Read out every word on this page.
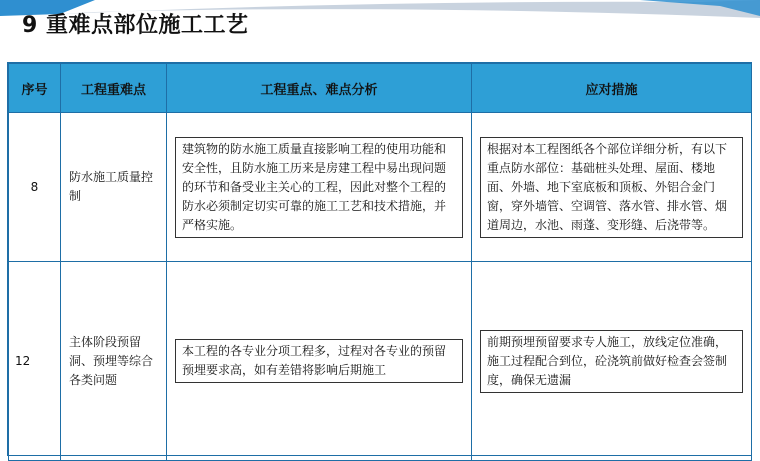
9 重难点部位施工工艺
序号	工程重难点	工程重点、难点分析	应对措施
8	防水施工质量控制	建筑物的防水施工质量直接影响工程的使用功能和安全性，且防水施工历来是房建工程中易出现问题的环节和备受业主关心的工程，因此对整个工程的防水必须制定切实可靠的施工工艺和技术措施，并严格实施。	根据对本工程图纸各个部位详细分析，有以下重点防水部位：基础桩头处理、屋面、楼地面、外墙、地下室底板和顶板、外铝合金门窗，穿外墙管、空调管、落水管、排水管、烟道周边，水池、雨蓬、变形缝、后浇带等。

12	主体阶段预留洞、预埋等综合各类问题	本工程的各专业分项工程多，过程对各专业的预留预埋要求高，如有差错将影响后期施工	前期预埋预留要求专人施工，放线定位准确，施工过程配合到位，砼浇筑前做好检查会签制度，确保无遗漏
